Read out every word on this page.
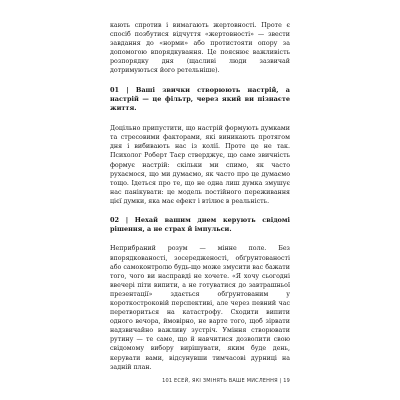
кають спротив і вимагають жертовності. Проте є спосіб позбутися відчуття «жертовності» — звести завдання до «норми» або протистояти опору за допомогою впорядкування. Це пояснює важливість розпорядку дня (щасливі люди зазвичай дотримуються його ретельніше).

01 | Ваші звички створюють настрій, а настрій — це фільтр, через який ви пізнаєте життя.

Доцільно припустити, що настрій формують думками та стресовими факторами, які виникають протягом дня і вибивають нас із колії. Проте це не так. Психолог Роберт Таєр стверджує, що саме звичність формує настрій: скільки ми спимо, як часто рухаємося, що ми думаємо, як часто про це думаємо тощо. Ідеться про те, що не одна лиш думка змушує нас панікувати: це модель постійного переживання цієї думки, яка має ефект і втілює в реальність.

02 | Нехай вашим днем керують свідомі рішення, а не страх й імпульси.

Неприбраний розум — мінне поле. Без впорядкованості, зосередженості, обґрунтованості або самоконтролю будь-що може змусити вас бажати того, чого ви насправді не хочете. «Я хочу сьогодні ввечері піти випити, а не готуватися до завтрашньої презентації» здається обґрунтованим у короткостроковій перспективі, але через певний час перетвориться на катастрофу. Сходити випити одного вечора, ймовірно, не варте того, щоб зірвати надзвичайно важливу зустріч. Уміння створювати рутину — те саме, що й навчитися дозволити свою свідомому вибору вирішувати, яким буде день, керувати вами, відсунувши тимчасові дурниці на задній план.

101 ЕСЕЙ, ЯКІ ЗМІНЯТЬ ВАШЕ МИСЛЕННЯ | 19
